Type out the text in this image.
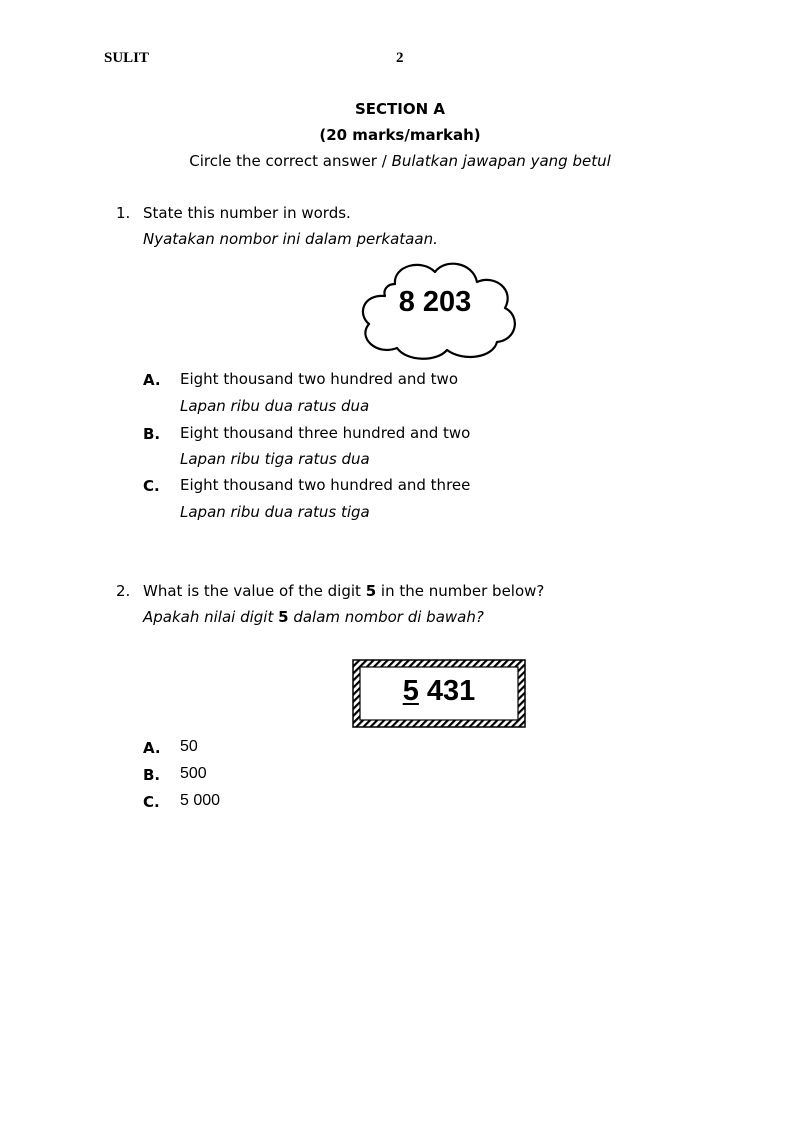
SULIT	2
SECTION A
(20 marks/markah)
Circle the correct answer / Bulatkan jawapan yang betul
1. State this number in words.
Nyatakan nombor ini dalam perkataan.
8 203
A. Eight thousand two hundred and two
Lapan ribu dua ratus dua
B. Eight thousand three hundred and two
Lapan ribu tiga ratus dua
C. Eight thousand two hundred and three
Lapan ribu dua ratus tiga
2. What is the value of the digit 5 in the number below?
Apakah nilai digit 5 dalam nombor di bawah?
5 431
A. 50
B. 500
C. 5 000
